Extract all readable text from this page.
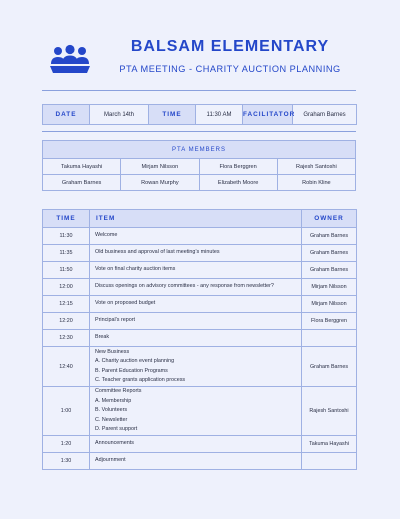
BALSAM ELEMENTARY
PTA MEETING - CHARITY AUCTION PLANNING
DATE	March 14th	TIME	11:30 AM	FACILITATOR	Graham Barnes
PTA MEMBERS			
Takuma Hayashi	Mirjam Nilsson	Flora Berggren	Rajesh Santoshi
Graham Barnes	Rowan Murphy	Elizabeth Moore	Robin Kline
TIME	ITEM	OWNER
11:30	Welcome	Graham Barnes
11:35	Old business and approval of last meeting’s minutes	Graham Barnes
11:50	Vote on final charity auction items	Graham Barnes
12:00	Discuss openings on advisory committees - any response from newsletter?	Mirjam Nilsson
12:15	Vote on proposed budget	Mirjam Nilsson
12:20	Principal’s report	Flora Berggren
12:30	Break	

12:40	New Business
A. Charity auction event planning
B. Parent Education Programs
C. Teacher grants application process	Graham Barnes
1:00	Committee Reports
A. Membership
B. Volunteers
C. Newsletter
D. Parent support	Rajesh Santoshi
1:20	Announcements	Takuma Hayashi
1:30	Adjournment	
